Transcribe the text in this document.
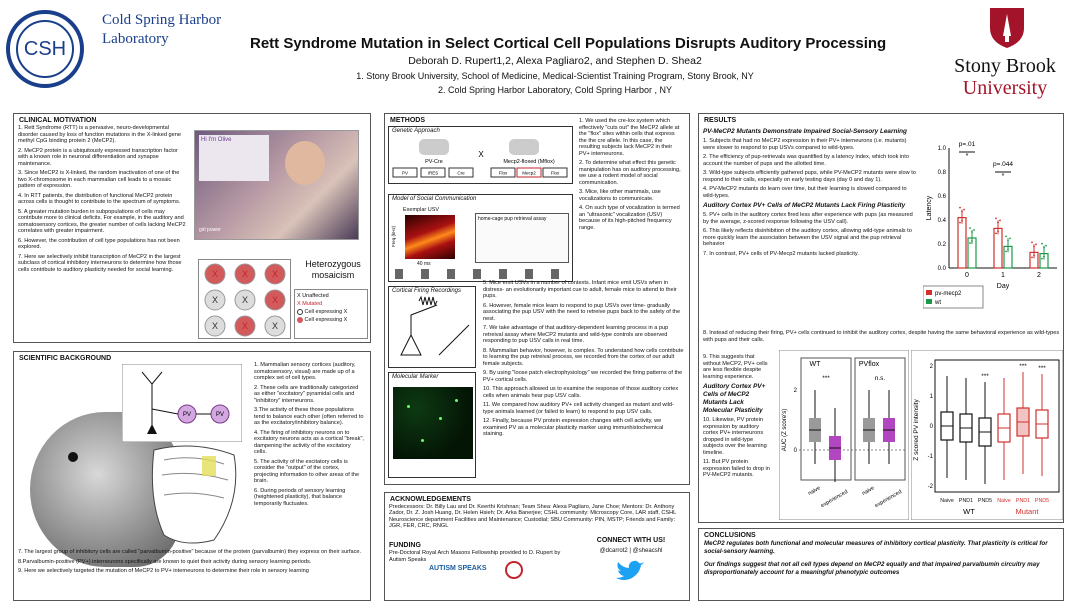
CSH
Cold Spring Harbor Laboratory
Stony Brook
University
Rett Syndrome Mutation in Select Cortical Cell Populations Disrupts Auditory Processing
Deborah D. Rupert1,2, Alexa Pagliaro2, and Stephen D. Shea2
1. Stony Brook University, School of Medicine, Medical-Scientist Training Program, Stony Brook, NY
2. Cold Spring Harbor Laboratory, Cold Spring Harbor , NY
CLINICAL MOTIVATION

1. Rett Syndrome (RTT) is a pervasive, neuro-developmental disorder caused by loss of function mutations in the X-linked gene methyl CpG binding protein 2 (MeCP2).

2. MeCP2 protein is a ubiquitously expressed transcription factor with a known role in neuronal differentiation and synapse maintenance.

3. Since MeCP2 is X-linked, the random inactivation of one of the two X-chromosome in each mammalian cell leads to a mosaic pattern of expression.

4. In RTT patients, the distribution of functional MeCP2 protein across cells is thought to contribute to the spectrum of symptoms.

5. A greater mutation burden in subpopulations of cells may contribute more to clinical deficits. For example, in the auditory and somatosensory cortices, the greater number of cells lacking MeCP2 correlates with greater impairment.

6. However, the contribution of cell type populations has not been explored.

7. Here we selectively inhibit transcription of MeCP2 in the largest subclass of cortical inhibitory interneurons to determine how those cells contribute to auditory plasticity needed for social learning.

Hi I'm Olive
girl power
X	X	X
X	X	X
X	X	X
Heterozygous mosaicism
X Unaffected
X Mutated
Cell expressing X
Cell expressing X
SCIENTIFIC BACKGROUND
PV	PV

1. Mammalian sensory cortices (auditory, somatosensory, visual) are made up of a complex set of cell types.

2. These cells are traditionally categorized as either "excitatory" pyramidal cells and "inhibitory" interneurons.

3.The activity of these those populations tend to balance each other (often referred to as the excitatory/inhibitory balance).

4. The firing of inhibitory neurons on to excitatory neurons acts as a cortical "break", dampening the activity of the excitatory cells.

5. The activity of the excitatory cells is consider the "output" of the cortex, projecting information to other areas of the brain.

6. During periods of sensory learning (heightened plasticity), that balance temporarily fluctuates.

7. The largest group of inhibitory cells are called "parvalbumin-positive" because of the protein (parvalbumin) they express on their surface.

8.Parvalbumin-positive (PV+) interneurons specifically are known to quiet their activity during sensory learning periods.

9. Here we selectively targeted the mutation of MeCP2 to PV+ interneurons to determine their role in sensory learning

METHODS
Genetic Approach
PV-Cre
X
Mecp2-floxed (Mflox)
PV	IRES	Cre	Flox	Mecp2	Flox
Model of Social Communication
Exemplar USV
40 ms
Freq (kHz)
home-cage pup retrieval assay
Cortical Firing Recordings
Molecular Marker

1. We used the cre-lox system which effectively "cuts out" the MeCP2 allele at the "flox" sites within cells that express the the cre allele. In this case, the resulting subjects lack MeCP2 in their PV+ interneurons.

2. To determine what effect this genetic manipulation has on auditory processing, we use a rodent model of social communication.

3. Mice, like other mammals, use vocalizations to communicate.

4. On such type of vocalization is termed an "ultrasonic" vocalization (USV) because of its high-pitched frequency range.

5. Mice emit USVs in a number of contexts. Infant mice emit USVs when in distress- an evolutionarily important cue to adult, female mice to attend to their pups.

6. However, female mice learn to respond to pup USVs over time- gradually associating the pup USV with the need to retreive pups back to the safety of the nest.

7. We take advantage of that auditory-dependent learning process in a pup retreival assay where MeCP2 mutants and wild-type controls are observed responding to pup USV calls in real time.

8. Mammalian behavior, however, is complex. To understand how cells contribute to learning the pup retreival process, we recorded from the cortex of our adult female subjects.

9. By using "loose patch electrophysiology" we recorded the firing patterns of the PV+ cortical cells.

10. This approach allowed us to examine the response of those auditory cortex cells when animals hear pup USV calls.

11. We compared how auditory PV+ cell activity changed as mutant and wild-type animals learned (or failed to learn) to respond to pup USV calls.

12. Finally, because PV protein expression changes with cell activity, we examined PV as a molecular plasticity marker using immunhistochemical staining.

ACKNOWLEDGEMENTS
Predecessors: Dr. Billy Lau and Dr. Keerthi Krishnan; Team Shea: Alexa Pagliaro, Jane Choe; Mentors: Dr. Anthony Zador, Dr. Z. Josh Huang, Dr. Helen Hsieh; Dr. Arka Banerjee; CSHL community: Microscopy Core, LAR staff, CSHL Neuroscience department Facilities and Maintenance; Custodial; SBU Community: PIN, MSTP; Friends and Family: JGR, FER, CRC, RNGL
FUNDING
Pre-Doctoral Royal Arch Masons Fellowship provided to D. Rupert by Autism Speaks
AUTISM SPEAKS
CONNECT WITH US!
@dcarrot2 | @sheacshl
RESULTS
PV-MeCP2 Mutants Demonstrate Impaired Social-Sensory Learning

1. Subjects that had no MeCP2 expression in their PV+ interneurons (i.e. mutants) were slower to respond to pup USVs compared to wild-types.

2. The efficiency of pup-retrievals was quantified by a latency index, which took into account the number of pups and the allotted time.

3. Wild-type subjects efficiently gathered pups, while PV-MeCP2 mutants were slow to respond to their calls, especially on early testing days (day 0 and day 1).

4. PV-MeCP2 mutants do learn over time, but their learning is slowed compared to wild-types.

Auditory Cortex PV+ Cells of MeCP2 Mutants Lack Firing Plasticity

5. PV+ cells in the auditory cortex fired less after experience with pups (as measured by the average, z-scored response following the USV call).

6. This likely reflects disinhibition of the auditory cortex, allowing wild-type animals to more quickly learn the association between the USV signal and the pup retrieval behavior

7. In contrast, PV+ cells of PV-Mecp2 mutants lacked plasticity.

8. Instead of reducing their firing, PV+ cells continued to inhibit the auditory cortex, despite having the same behavioral experience as wild-types with pups and their calls.

9. This suggests that without MeCP2, PV+ cells are less flexible despite learning experience.

Auditory Cortex PV+ Cells of MeCP2 Mutants Lack Molecular Plasticity

10. Likewise, PV protein expression by auditory cortex PV+ interneurons dropped in wild-type subjects over the learning timeline.

11. But PV protein expression failed to drop in PV-MeCP2 mutants.

0.0
0.2
0.4
0.6
0.8
1.0
Latency
0	1	2
p=.01
*
p=.044
*
Day
pv-mecp2
wt
AUC (Z score's)
2
0
WT
***
naive
experienced
PVflox
n.s.
naive
experienced
Z scored PV intensity
2
1
0
-1
-2
Naive PND1 PND5 Naive PND1 PND5
***
*** ***
WT	Mutant
CONCLUSIONS

MeCP2 regulates both functional and molecular measures of inhibitory cortical plasticity. That plasticity is critical for social-sensory learning.

Our findings suggest that not all cell types depend on MeCP2 equally and that impaired parvalbumin circuitry may disproportionately account for a meaningful phenotypic outcomes
